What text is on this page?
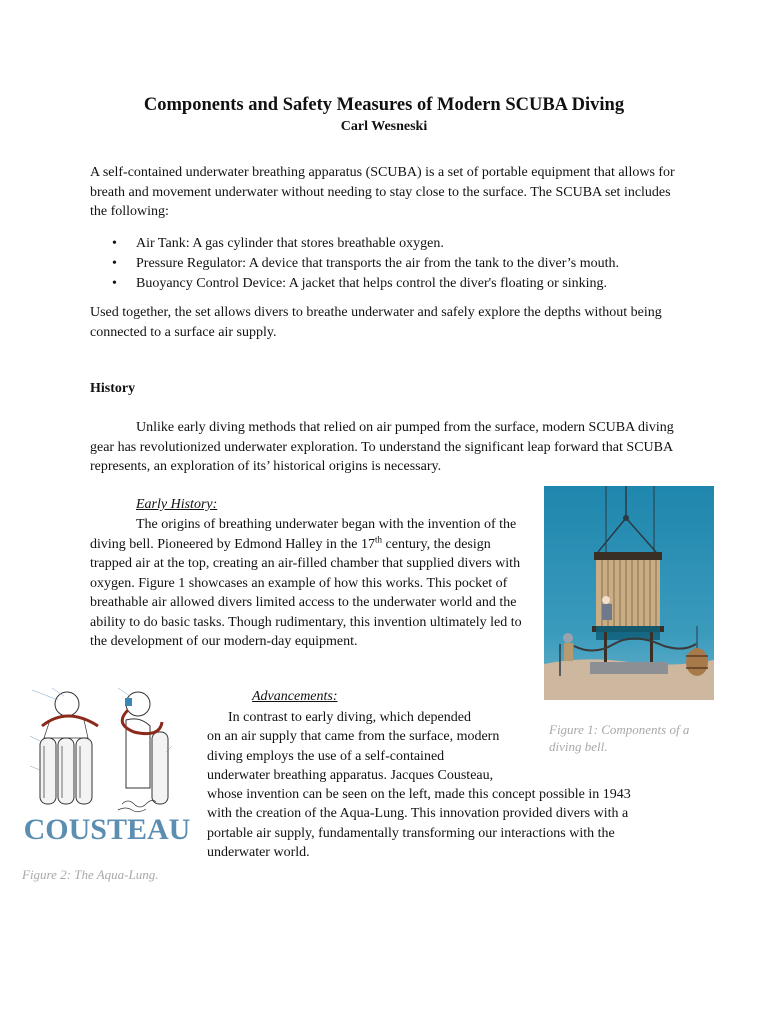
Components and Safety Measures of Modern SCUBA Diving
Carl Wesneski

A self-contained underwater breathing apparatus (SCUBA) is a set of portable equipment that allows for breath and movement underwater without needing to stay close to the surface. The SCUBA set includes the following:

• Air Tank: A gas cylinder that stores breathable oxygen.
• Pressure Regulator: A device that transports the air from the tank to the diver’s mouth.
• Buoyancy Control Device: A jacket that helps control the diver's floating or sinking.

Used together, the set allows divers to breathe underwater and safely explore the depths without being connected to a surface air supply.

History

Unlike early diving methods that relied on air pumped from the surface, modern SCUBA diving gear has revolutionized underwater exploration. To understand the significant leap forward that SCUBA represents, an exploration of its’ historical origins is necessary.

Early History:

The origins of breathing underwater began with the invention of the diving bell. Pioneered by Edmond Halley in the 17th century, the design trapped air at the top, creating an air-filled chamber that supplied divers with oxygen. Figure 1 showcases an example of how this works. This pocket of breathable air allowed divers limited access to the underwater world and the ability to do basic tasks. Though rudimentary, this invention ultimately led to the development of our modern-day equipment.

Figure 1: Components of a diving bell.
COUSTEAU
Advancements:
In contrast to early diving, which depended
on an air supply that came from the surface, modern
diving employs the use of a self-contained
underwater breathing apparatus. Jacques Cousteau,
whose invention can be seen on the left, made this concept possible in 1943
with the creation of the Aqua-Lung. This innovation provided divers with a
portable air supply, fundamentally transforming our interactions with the
underwater world.
Figure 2: The Aqua-Lung.
